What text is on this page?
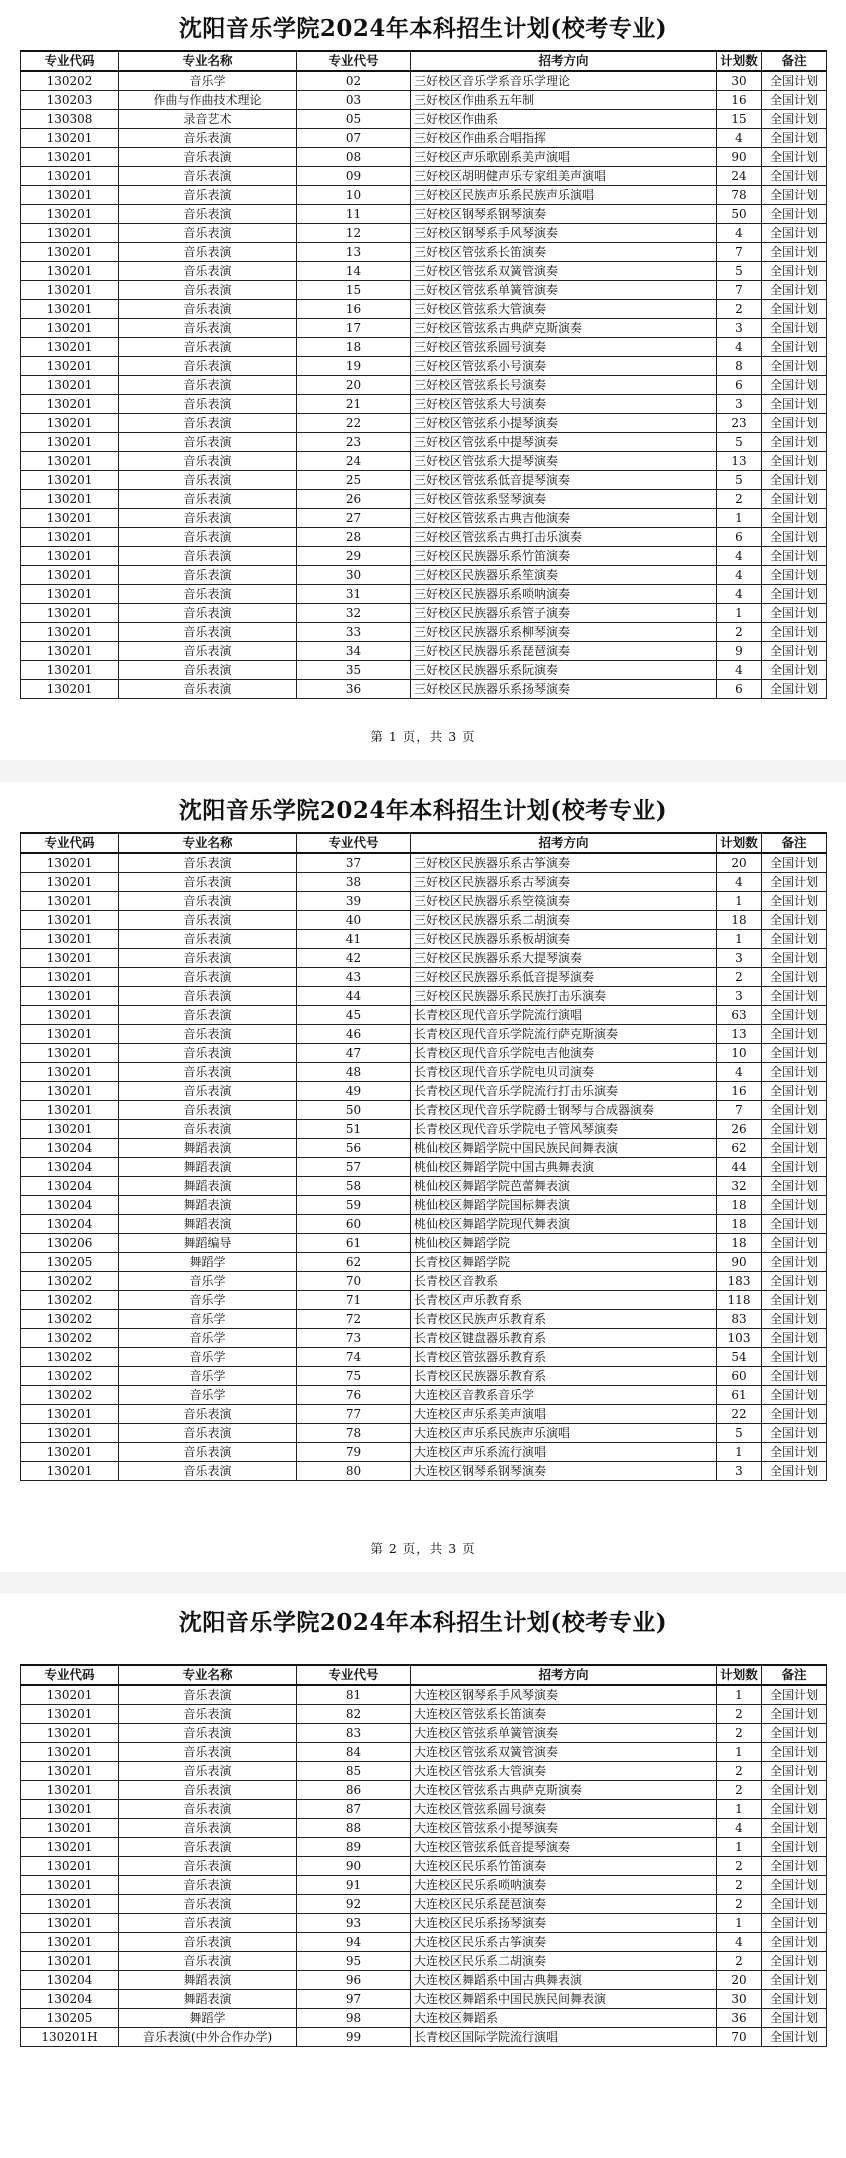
沈阳音乐学院2024年本科招生计划(校考专业)
专业代码	专业名称	专业代号	招考方向	计划数	备注
130202	音乐学	02	三好校区音乐学系音乐学理论	30	全国计划
130203	作曲与作曲技术理论	03	三好校区作曲系五年制	16	全国计划
130308	录音艺术	05	三好校区作曲系	15	全国计划
130201	音乐表演	07	三好校区作曲系合唱指挥	4	全国计划
130201	音乐表演	08	三好校区声乐歌剧系美声演唱	90	全国计划
130201	音乐表演	09	三好校区胡明健声乐专家组美声演唱	24	全国计划
130201	音乐表演	10	三好校区民族声乐系民族声乐演唱	78	全国计划
130201	音乐表演	11	三好校区钢琴系钢琴演奏	50	全国计划
130201	音乐表演	12	三好校区钢琴系手风琴演奏	4	全国计划
130201	音乐表演	13	三好校区管弦系长笛演奏	7	全国计划
130201	音乐表演	14	三好校区管弦系双簧管演奏	5	全国计划
130201	音乐表演	15	三好校区管弦系单簧管演奏	7	全国计划
130201	音乐表演	16	三好校区管弦系大管演奏	2	全国计划
130201	音乐表演	17	三好校区管弦系古典萨克斯演奏	3	全国计划
130201	音乐表演	18	三好校区管弦系圆号演奏	4	全国计划
130201	音乐表演	19	三好校区管弦系小号演奏	8	全国计划
130201	音乐表演	20	三好校区管弦系长号演奏	6	全国计划
130201	音乐表演	21	三好校区管弦系大号演奏	3	全国计划
130201	音乐表演	22	三好校区管弦系小提琴演奏	23	全国计划
130201	音乐表演	23	三好校区管弦系中提琴演奏	5	全国计划
130201	音乐表演	24	三好校区管弦系大提琴演奏	13	全国计划
130201	音乐表演	25	三好校区管弦系低音提琴演奏	5	全国计划
130201	音乐表演	26	三好校区管弦系竖琴演奏	2	全国计划
130201	音乐表演	27	三好校区管弦系古典吉他演奏	1	全国计划
130201	音乐表演	28	三好校区管弦系古典打击乐演奏	6	全国计划
130201	音乐表演	29	三好校区民族器乐系竹笛演奏	4	全国计划
130201	音乐表演	30	三好校区民族器乐系笙演奏	4	全国计划
130201	音乐表演	31	三好校区民族器乐系唢呐演奏	4	全国计划
130201	音乐表演	32	三好校区民族器乐系管子演奏	1	全国计划
130201	音乐表演	33	三好校区民族器乐系柳琴演奏	2	全国计划
130201	音乐表演	34	三好校区民族器乐系琵琶演奏	9	全国计划
130201	音乐表演	35	三好校区民族器乐系阮演奏	4	全国计划
130201	音乐表演	36	三好校区民族器乐系扬琴演奏	6	全国计划
第 1 页，共 3 页
沈阳音乐学院2024年本科招生计划(校考专业)
专业代码	专业名称	专业代号	招考方向	计划数	备注
130201	音乐表演	37	三好校区民族器乐系古筝演奏	20	全国计划
130201	音乐表演	38	三好校区民族器乐系古琴演奏	4	全国计划
130201	音乐表演	39	三好校区民族器乐系箜篌演奏	1	全国计划
130201	音乐表演	40	三好校区民族器乐系二胡演奏	18	全国计划
130201	音乐表演	41	三好校区民族器乐系板胡演奏	1	全国计划
130201	音乐表演	42	三好校区民族器乐系大提琴演奏	3	全国计划
130201	音乐表演	43	三好校区民族器乐系低音提琴演奏	2	全国计划
130201	音乐表演	44	三好校区民族器乐系民族打击乐演奏	3	全国计划
130201	音乐表演	45	长青校区现代音乐学院流行演唱	63	全国计划
130201	音乐表演	46	长青校区现代音乐学院流行萨克斯演奏	13	全国计划
130201	音乐表演	47	长青校区现代音乐学院电吉他演奏	10	全国计划
130201	音乐表演	48	长青校区现代音乐学院电贝司演奏	4	全国计划
130201	音乐表演	49	长青校区现代音乐学院流行打击乐演奏	16	全国计划
130201	音乐表演	50	长青校区现代音乐学院爵士钢琴与合成器演奏	7	全国计划
130201	音乐表演	51	长青校区现代音乐学院电子管风琴演奏	26	全国计划
130204	舞蹈表演	56	桃仙校区舞蹈学院中国民族民间舞表演	62	全国计划
130204	舞蹈表演	57	桃仙校区舞蹈学院中国古典舞表演	44	全国计划
130204	舞蹈表演	58	桃仙校区舞蹈学院芭蕾舞表演	32	全国计划
130204	舞蹈表演	59	桃仙校区舞蹈学院国标舞表演	18	全国计划
130204	舞蹈表演	60	桃仙校区舞蹈学院现代舞表演	18	全国计划
130206	舞蹈编导	61	桃仙校区舞蹈学院	18	全国计划
130205	舞蹈学	62	长青校区舞蹈学院	90	全国计划
130202	音乐学	70	长青校区音教系	183	全国计划
130202	音乐学	71	长青校区声乐教育系	118	全国计划
130202	音乐学	72	长青校区民族声乐教育系	83	全国计划
130202	音乐学	73	长青校区键盘器乐教育系	103	全国计划
130202	音乐学	74	长青校区管弦器乐教育系	54	全国计划
130202	音乐学	75	长青校区民族器乐教育系	60	全国计划
130202	音乐学	76	大连校区音教系音乐学	61	全国计划
130201	音乐表演	77	大连校区声乐系美声演唱	22	全国计划
130201	音乐表演	78	大连校区声乐系民族声乐演唱	5	全国计划
130201	音乐表演	79	大连校区声乐系流行演唱	1	全国计划
130201	音乐表演	80	大连校区钢琴系钢琴演奏	3	全国计划
第 2 页，共 3 页
沈阳音乐学院2024年本科招生计划(校考专业)
专业代码	专业名称	专业代号	招考方向	计划数	备注
130201	音乐表演	81	大连校区钢琴系手风琴演奏	1	全国计划
130201	音乐表演	82	大连校区管弦系长笛演奏	2	全国计划
130201	音乐表演	83	大连校区管弦系单簧管演奏	2	全国计划
130201	音乐表演	84	大连校区管弦系双簧管演奏	1	全国计划
130201	音乐表演	85	大连校区管弦系大管演奏	2	全国计划
130201	音乐表演	86	大连校区管弦系古典萨克斯演奏	2	全国计划
130201	音乐表演	87	大连校区管弦系圆号演奏	1	全国计划
130201	音乐表演	88	大连校区管弦系小提琴演奏	4	全国计划
130201	音乐表演	89	大连校区管弦系低音提琴演奏	1	全国计划
130201	音乐表演	90	大连校区民乐系竹笛演奏	2	全国计划
130201	音乐表演	91	大连校区民乐系唢呐演奏	2	全国计划
130201	音乐表演	92	大连校区民乐系琵琶演奏	2	全国计划
130201	音乐表演	93	大连校区民乐系扬琴演奏	1	全国计划
130201	音乐表演	94	大连校区民乐系古筝演奏	4	全国计划
130201	音乐表演	95	大连校区民乐系二胡演奏	2	全国计划
130204	舞蹈表演	96	大连校区舞蹈系中国古典舞表演	20	全国计划
130204	舞蹈表演	97	大连校区舞蹈系中国民族民间舞表演	30	全国计划
130205	舞蹈学	98	大连校区舞蹈系	36	全国计划
130201H	音乐表演(中外合作办学)	99	长青校区国际学院流行演唱	70	全国计划
